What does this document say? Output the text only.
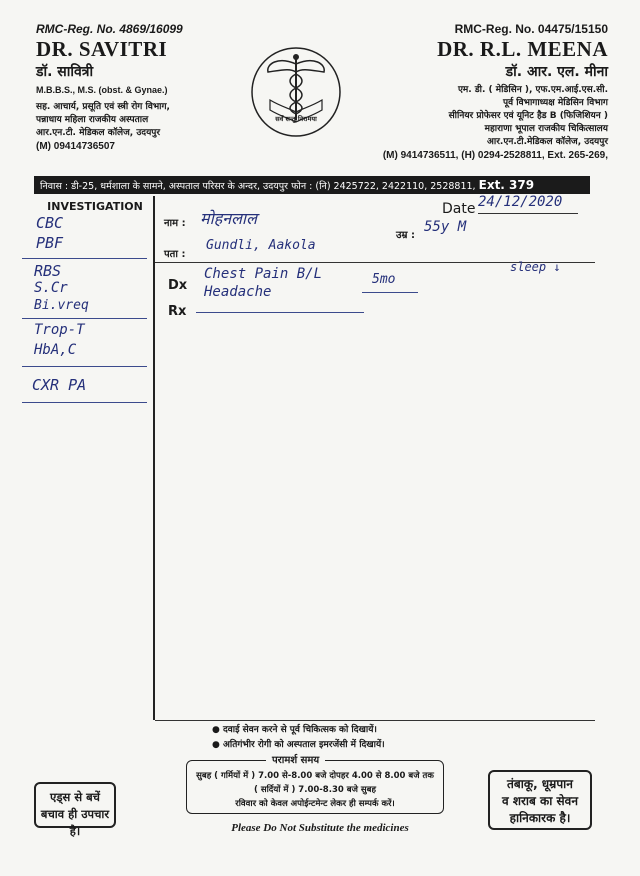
RMC-Reg. No. 4869/16099
DR. SAVITRI
डॉ. सावित्री
M.B.B.S., M.S. (obst. & Gynae.)
सह. आचार्य, प्रसूति एवं स्त्री रोग विभाग,
पन्नाधाय महिला राजकीय अस्पताल
आर.एन.टी. मेडिकल कॉलेज, उदयपुर
(M) 09414736507
सर्वे सन्तु निरामया
RMC-Reg. No. 04475/15150
DR. R.L. MEENA
डॉ. आर. एल. मीना
एम. डी. ( मेडिसिन ), एफ.एम.आई.एस.सी.
पूर्व विभागाध्यक्ष मेडिसिन विभाग
सीनियर प्रोफेसर एवं यूनिट हैड B (फिजिशियन )
महाराणा भूपाल राजकीय चिकित्सालय
आर.एन.टी.मेडिकल कॉलेज, उदयपुर
(M) 9414736511, (H) 0294-2528811, Ext. 265-269,
निवास : डी-25, धर्मशाला के सामने, अस्पताल परिसर के अन्दर, उदयपुर फोन : (नि) 2425722, 2422110, 2528811, Ext. 379
INVESTIGATION
CBC
PBF
RBS
S.Cr
Bi.vreq
Trop-T
HbA,C
CXR PA
नाम : मोहनलाल
पता :
Gundli, Aakola
उम्र :
55y M
Date 24/12/2020
Dx
Rx
Chest Pain B/L
Headache
5mo
sleep ↓
● दवाई सेवन करने से पूर्व चिकित्सक को दिखायें।
● अतिगंभीर रोगी को अस्पताल इमरजेंसी में दिखायें।
सुबह ( गर्मियों में ) 7.00 से-8.00 बजे दोपहर 4.00 से 8.00 बजे तक
( सर्दियों में ) 7.00-8.30 बजे सुबह
रविवार को केवल अपोईन्टमेन्ट लेकर ही सम्पर्क करें।
परामर्श समय
एड्स से बचें
बचाव ही उपचार है।
तंबाकू, धूम्रपान
व शराब का सेवन
हानिकारक है।
Please Do Not Substitute the medicines
